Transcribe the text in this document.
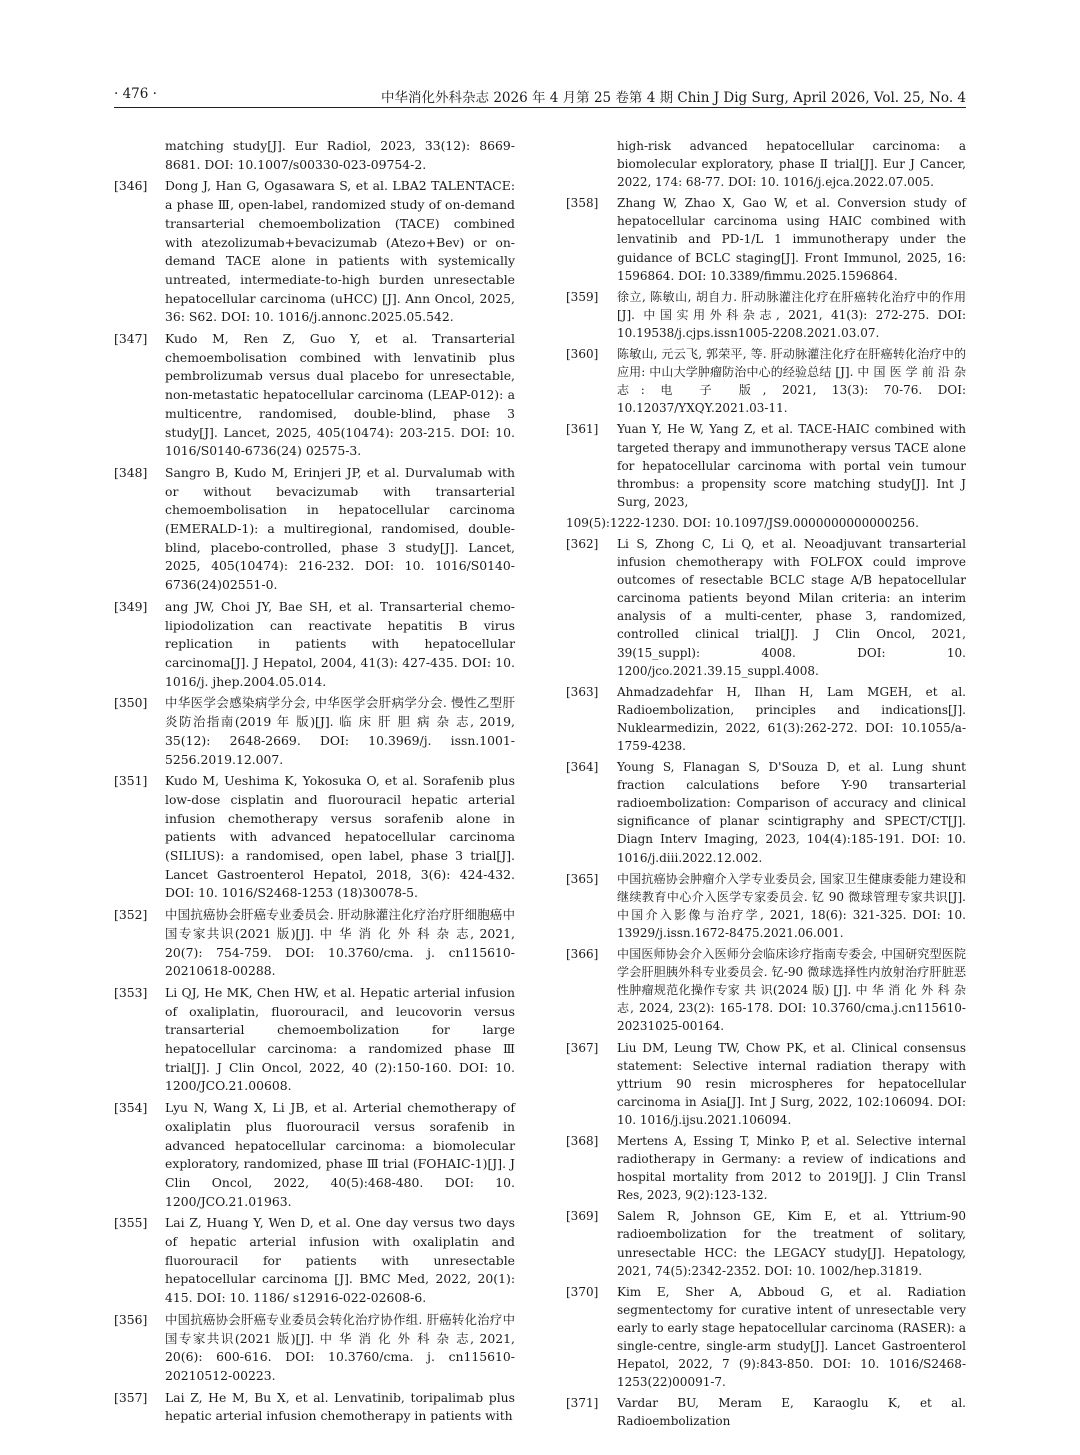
· 476 ·	中华消化外科杂志 2026 年 4 月第 25 卷第 4 期 Chin J Dig Surg, April 2026, Vol. 25, No. 4
matching study[J]. Eur Radiol, 2023, 33(12): 8669-8681. DOI: 10.1007/s00330-023-09754-2.
[346] Dong J, Han G, Ogasawara S, et al. LBA2 TALENTACE: a phase Ⅲ, open-label, randomized study of on-demand transarterial chemoembolization (TACE) combined with atezolizumab+bevacizumab (Atezo+Bev) or on-demand TACE alone in patients with systemically untreated, intermediate-to-high burden unresectable hepatocellular carcinoma (uHCC) [J]. Ann Oncol, 2025, 36: S62. DOI: 10. 1016/j.annonc.2025.05.542.
[347] Kudo M, Ren Z, Guo Y, et al. Transarterial chemoembolisation combined with lenvatinib plus pembrolizumab versus dual placebo for unresectable, non-metastatic hepatocellular carcinoma (LEAP-012): a multicentre, randomised, double-blind, phase 3 study[J]. Lancet, 2025, 405(10474): 203-215. DOI: 10. 1016/S0140-6736(24) 02575-3.
[348] Sangro B, Kudo M, Erinjeri JP, et al. Durvalumab with or without bevacizumab with transarterial chemoembolisation in hepatocellular carcinoma (EMERALD-1): a multiregional, randomised, double-blind, placebo-controlled, phase 3 study[J]. Lancet, 2025, 405(10474): 216-232. DOI: 10. 1016/S0140-6736(24)02551-0.
[349] ang JW, Choi JY, Bae SH, et al. Transarterial chemo-lipiodolization can reactivate hepatitis B virus replication in patients with hepatocellular carcinoma[J]. J Hepatol, 2004, 41(3): 427-435. DOI: 10. 1016/j. jhep.2004.05.014.
[350] 中华医学会感染病学分会, 中华医学会肝病学分会. 慢性乙型肝炎防治指南(2019 年 版)[J]. 临 床 肝 胆 病 杂 志, 2019, 35(12): 2648-2669. DOI: 10.3969/j. issn.1001-5256.2019.12.007.
[351] Kudo M, Ueshima K, Yokosuka O, et al. Sorafenib plus low-dose cisplatin and fluorouracil hepatic arterial infusion chemotherapy versus sorafenib alone in patients with advanced hepatocellular carcinoma (SILIUS): a randomised, open label, phase 3 trial[J]. Lancet Gastroenterol Hepatol, 2018, 3(6): 424-432. DOI: 10. 1016/S2468-1253 (18)30078-5.
[352] 中国抗癌协会肝癌专业委员会. 肝动脉灌注化疗治疗肝细胞癌中国专家共识(2021 版)[J]. 中 华 消 化 外 科 杂 志, 2021, 20(7): 754-759. DOI: 10.3760/cma. j. cn115610-20210618-00288.
[353] Li QJ, He MK, Chen HW, et al. Hepatic arterial infusion of oxaliplatin, fluorouracil, and leucovorin versus transarterial chemoembolization for large hepatocellular carcinoma: a randomized phase Ⅲ trial[J]. J Clin Oncol, 2022, 40 (2):150-160. DOI: 10. 1200/JCO.21.00608.
[354] Lyu N, Wang X, Li JB, et al. Arterial chemotherapy of oxaliplatin plus fluorouracil versus sorafenib in advanced hepatocellular carcinoma: a biomolecular exploratory, randomized, phase Ⅲ trial (FOHAIC-1)[J]. J Clin Oncol, 2022, 40(5):468-480. DOI: 10. 1200/JCO.21.01963.
[355] Lai Z, Huang Y, Wen D, et al. One day versus two days of hepatic arterial infusion with oxaliplatin and fluorouracil for patients with unresectable hepatocellular carcinoma [J]. BMC Med, 2022, 20(1): 415. DOI: 10. 1186/ s12916-022-02608-6.
[356] 中国抗癌协会肝癌专业委员会转化治疗协作组. 肝癌转化治疗中国专家共识(2021 版)[J]. 中 华 消 化 外 科 杂 志, 2021, 20(6): 600-616. DOI: 10.3760/cma. j. cn115610-20210512-00223.
[357] Lai Z, He M, Bu X, et al. Lenvatinib, toripalimab plus hepatic arterial infusion chemotherapy in patients with
high-risk advanced hepatocellular carcinoma: a biomolecular exploratory, phase Ⅱ trial[J]. Eur J Cancer, 2022, 174: 68-77. DOI: 10. 1016/j.ejca.2022.07.005.
[358] Zhang W, Zhao X, Gao W, et al. Conversion study of hepatocellular carcinoma using HAIC combined with lenvatinib and PD-1/L 1 immunotherapy under the guidance of BCLC staging[J]. Front Immunol, 2025, 16: 1596864. DOI: 10.3389/fimmu.2025.1596864.
[359] 徐立, 陈敏山, 胡自力. 肝动脉灌注化疗在肝癌转化治疗中的作用[J]. 中国实用外科杂志, 2021, 41(3): 272-275. DOI: 10.19538/j.cjps.issn1005-2208.2021.03.07.
[360] 陈敏山, 元云飞, 郭荣平, 等. 肝动脉灌注化疗在肝癌转化治疗中的应用: 中山大学肿瘤防治中心的经验总结 [J]. 中 国 医 学 前 沿 杂 志: 电 子 版, 2021, 13(3): 70-76. DOI: 10.12037/YXQY.2021.03-11.
[361] Yuan Y, He W, Yang Z, et al. TACE-HAIC combined with targeted therapy and immunotherapy versus TACE alone for hepatocellular carcinoma with portal vein tumour thrombus: a propensity score matching study[J]. Int J Surg, 2023,
109(5):1222-1230. DOI: 10.1097/JS9.0000000000000256.
[362] Li S, Zhong C, Li Q, et al. Neoadjuvant transarterial infusion chemotherapy with FOLFOX could improve outcomes of resectable BCLC stage A/B hepatocellular carcinoma patients beyond Milan criteria: an interim analysis of a multi-center, phase 3, randomized, controlled clinical trial[J]. J Clin Oncol, 2021, 39(15_suppl): 4008. DOI: 10. 1200/jco.2021.39.15_suppl.4008.
[363] Ahmadzadehfar H, Ilhan H, Lam MGEH, et al. Radioembolization, principles and indications[J]. Nuklearmedizin, 2022, 61(3):262-272. DOI: 10.1055/a-1759-4238.
[364] Young S, Flanagan S, D'Souza D, et al. Lung shunt fraction calculations before Y-90 transarterial radioembolization: Comparison of accuracy and clinical significance of planar scintigraphy and SPECT/CT[J]. Diagn Interv Imaging, 2023, 104(4):185-191. DOI: 10. 1016/j.diii.2022.12.002.
[365] 中国抗癌协会肿瘤介入学专业委员会, 国家卫生健康委能力建设和继续教育中心介入医学专家委员会. 钇 90 微球管理专家共识[J]. 中国介入影像与治疗学, 2021, 18(6): 321-325. DOI: 10. 13929/j.issn.1672-8475.2021.06.001.
[366] 中国医师协会介入医师分会临床诊疗指南专委会, 中国研究型医院学会肝胆胰外科专业委员会. 钇-90 微球选择性内放射治疗肝脏恶性肿瘤规范化操作专家 共 识(2024 版) [J]. 中 华 消 化 外 科 杂 志, 2024, 23(2): 165-178. DOI: 10.3760/cma.j.cn115610-20231025-00164.
[367] Liu DM, Leung TW, Chow PK, et al. Clinical consensus statement: Selective internal radiation therapy with yttrium 90 resin microspheres for hepatocellular carcinoma in Asia[J]. Int J Surg, 2022, 102:106094. DOI: 10. 1016/j.ijsu.2021.106094.
[368] Mertens A, Essing T, Minko P, et al. Selective internal radiotherapy in Germany: a review of indications and hospital mortality from 2012 to 2019[J]. J Clin Transl Res, 2023, 9(2):123-132.
[369] Salem R, Johnson GE, Kim E, et al. Yttrium-90 radioembolization for the treatment of solitary, unresectable HCC: the LEGACY study[J]. Hepatology, 2021, 74(5):2342-2352. DOI: 10. 1002/hep.31819.
[370] Kim E, Sher A, Abboud G, et al. Radiation segmentectomy for curative intent of unresectable very early to early stage hepatocellular carcinoma (RASER): a single-centre, single-arm study[J]. Lancet Gastroenterol Hepatol, 2022, 7 (9):843-850. DOI: 10. 1016/S2468-1253(22)00091-7.
[371] Vardar BU, Meram E, Karaoglu K, et al. Radioembolization
